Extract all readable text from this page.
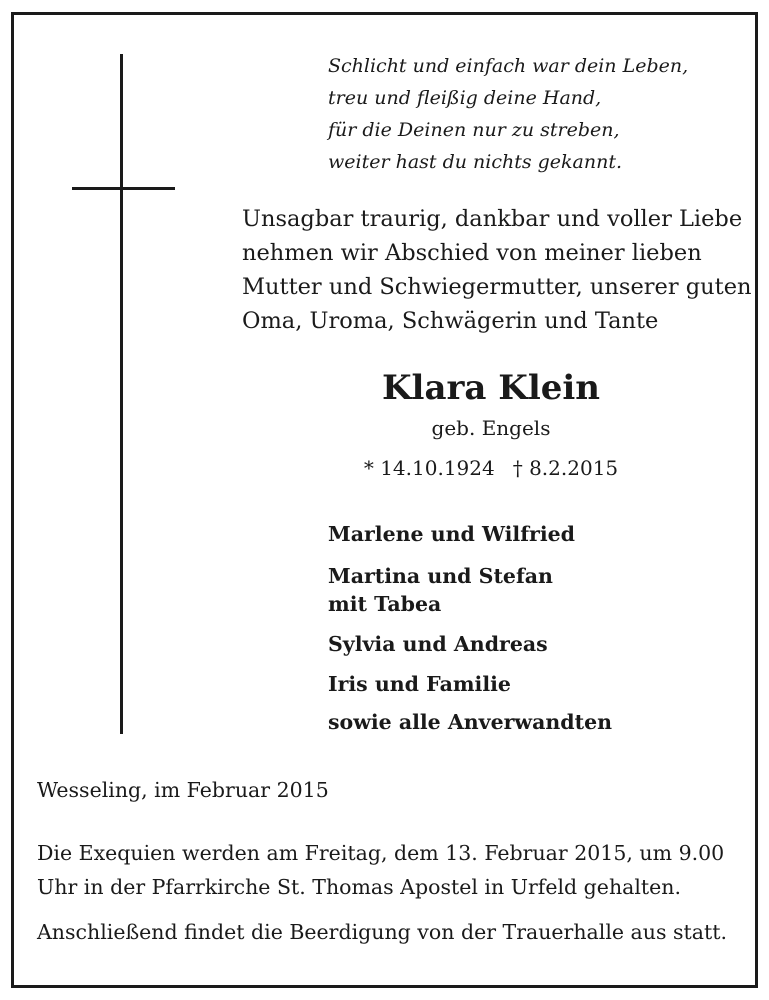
Schlicht und einfach war dein Leben,
treu und fleißig deine Hand,
für die Deinen nur zu streben,
weiter hast du nichts gekannt.
Unsagbar traurig, dankbar und voller Liebe
nehmen wir Abschied von meiner lieben
Mutter und Schwiegermutter, unserer guten
Oma, Uroma, Schwägerin und Tante
Klara Klein
geb. Engels
* 14.10.1924 † 8.2.2015
Marlene und Wilfried
Martina und Stefan
mit Tabea
Sylvia und Andreas
Iris und Familie
sowie alle Anverwandten
Wesseling, im Februar 2015
Die Exequien werden am Freitag, dem 13. Februar 2015, um 9.00
Uhr in der Pfarrkirche St. Thomas Apostel in Urfeld gehalten.
Anschließend findet die Beerdigung von der Trauerhalle aus statt.
